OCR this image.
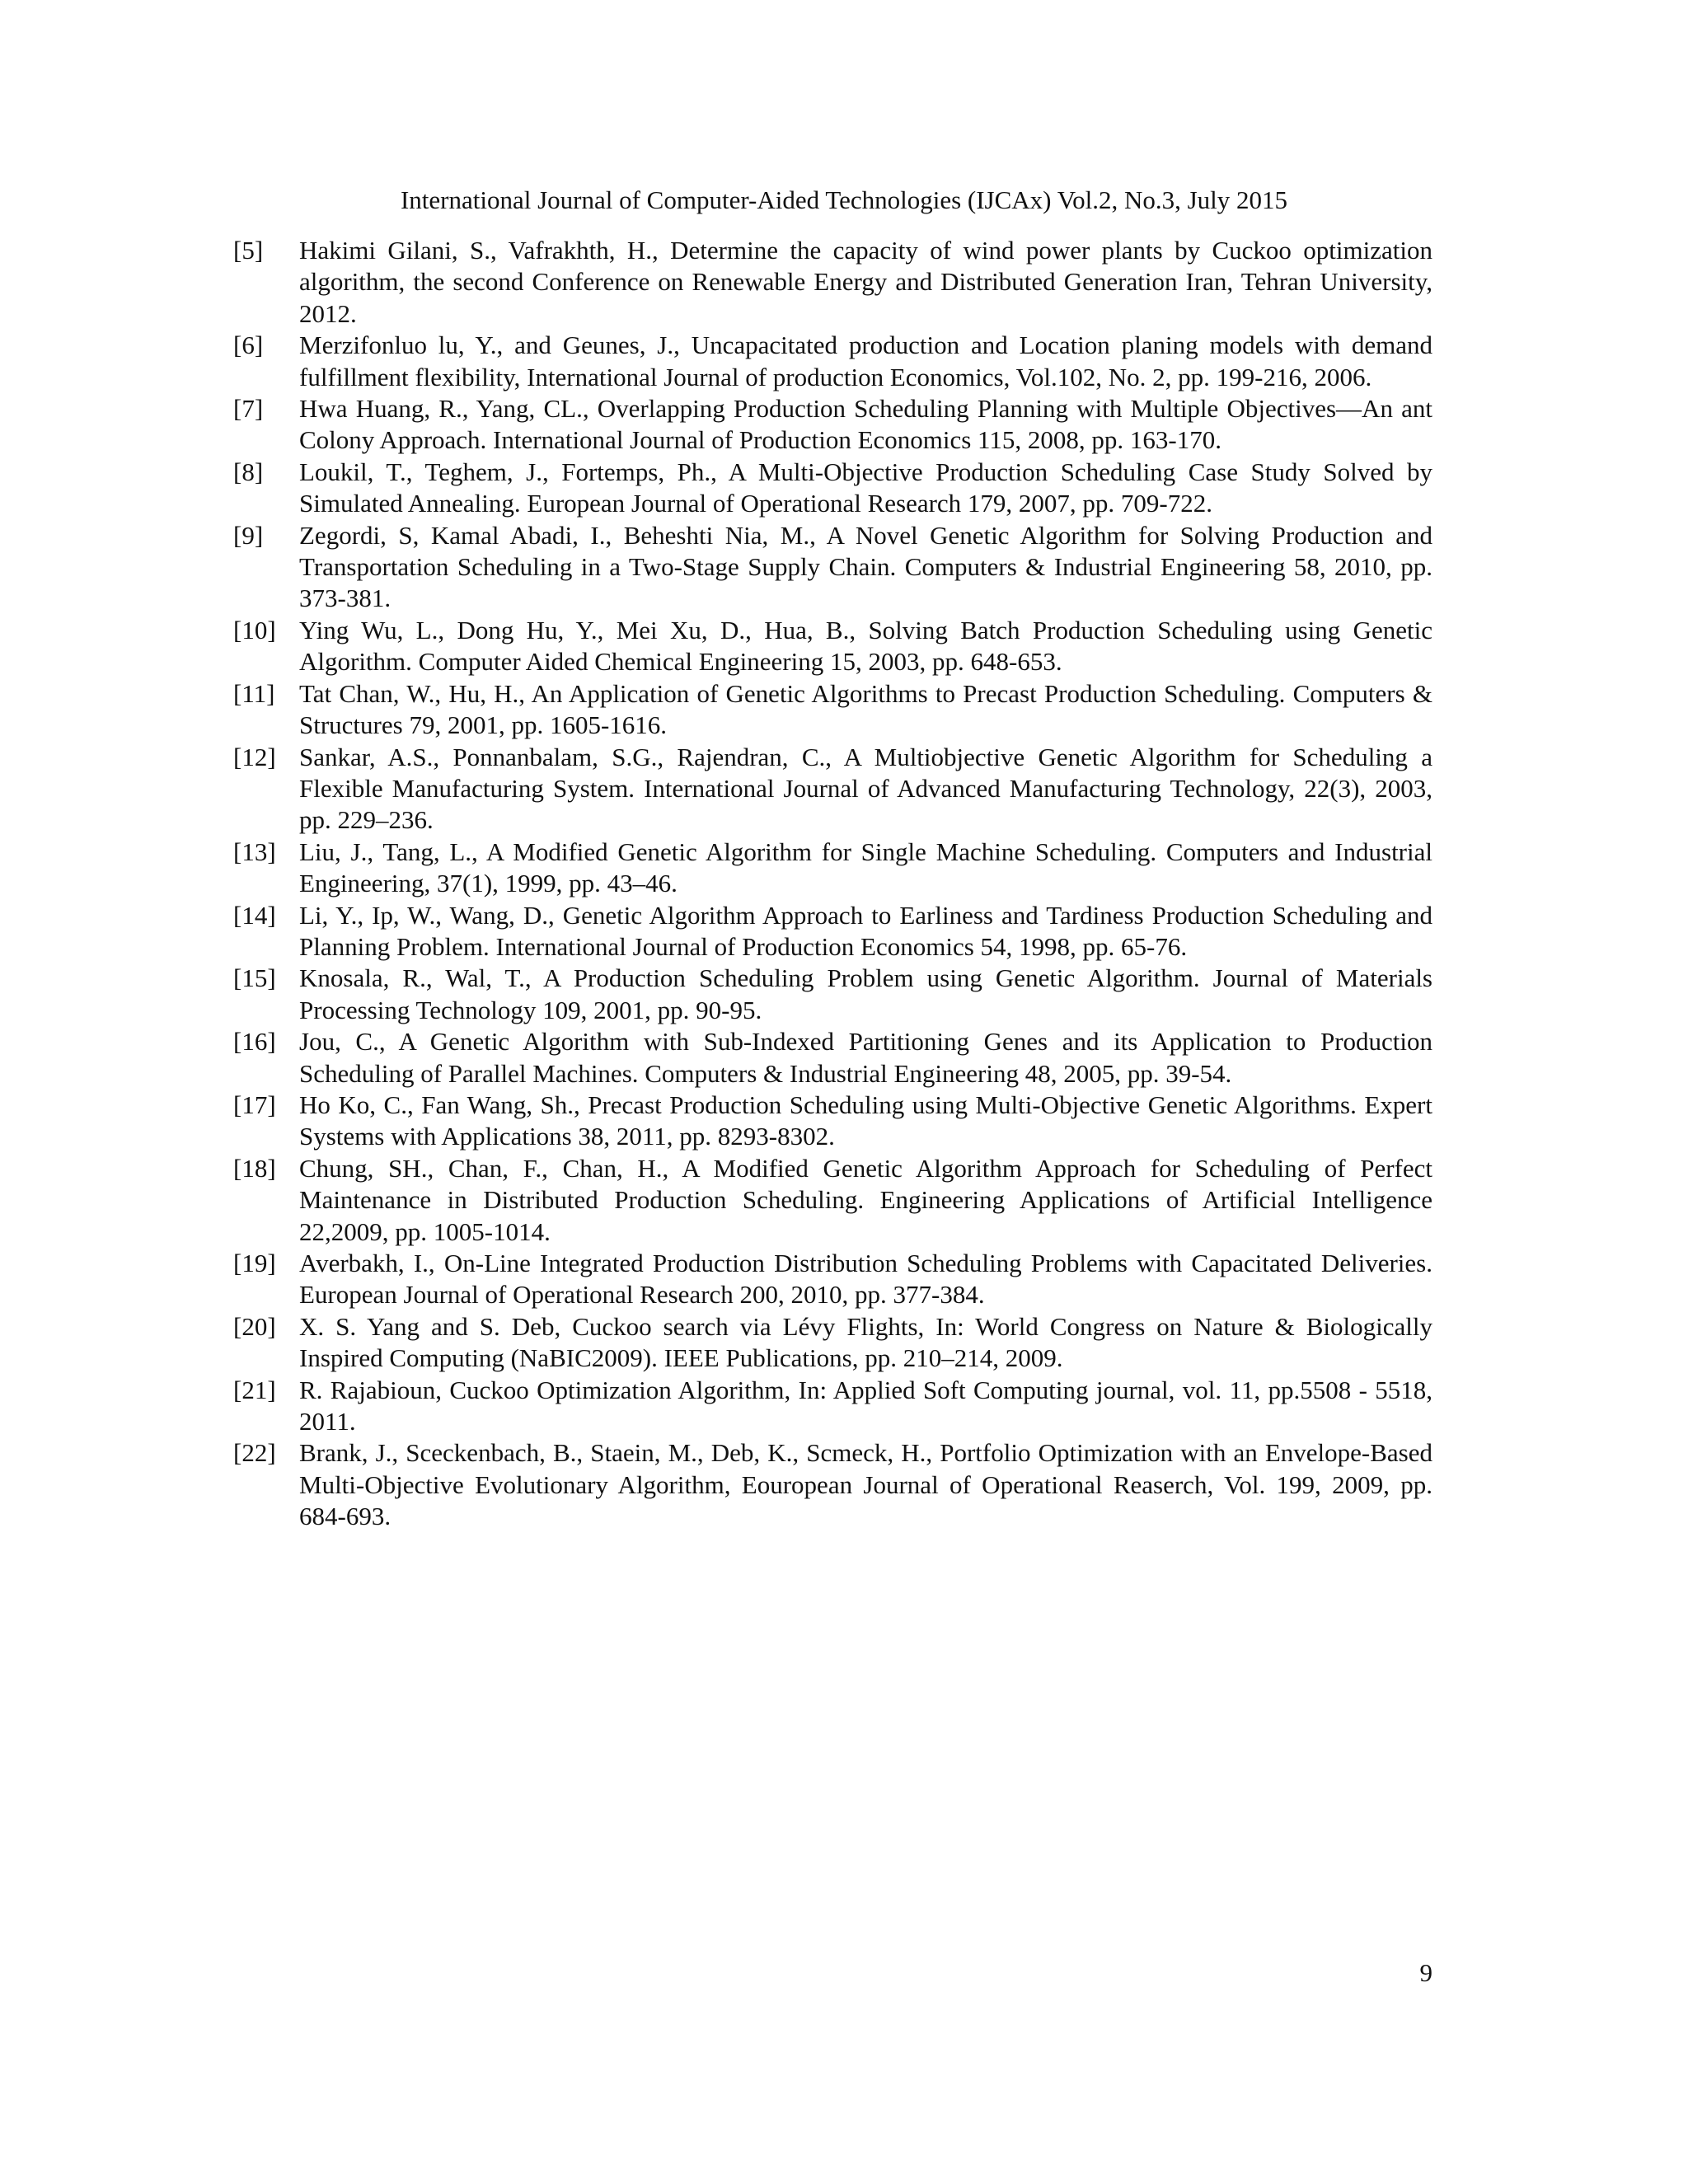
International Journal of Computer-Aided Technologies (IJCAx) Vol.2, No.3, July 2015
[5] Hakimi Gilani, S., Vafrakhth, H., Determine the capacity of wind power plants by Cuckoo optimization algorithm, the second Conference on Renewable Energy and Distributed Generation Iran, Tehran University, 2012.
[6] Merzifonluo lu, Y., and Geunes, J., Uncapacitated production and Location planing models with demand fulfillment flexibility, International Journal of production Economics, Vol.102, No. 2, pp. 199-216, 2006.
[7] Hwa Huang, R., Yang, CL., Overlapping Production Scheduling Planning with Multiple Objectives—An ant Colony Approach. International Journal of Production Economics 115, 2008, pp. 163-170.
[8] Loukil, T., Teghem, J., Fortemps, Ph., A Multi-Objective Production Scheduling Case Study Solved by Simulated Annealing. European Journal of Operational Research 179, 2007, pp. 709-722.
[9] Zegordi, S, Kamal Abadi, I., Beheshti Nia, M., A Novel Genetic Algorithm for Solving Production and Transportation Scheduling in a Two-Stage Supply Chain. Computers & Industrial Engineering 58, 2010, pp. 373-381.
[10] Ying Wu, L., Dong Hu, Y., Mei Xu, D., Hua, B., Solving Batch Production Scheduling using Genetic Algorithm. Computer Aided Chemical Engineering 15, 2003, pp. 648-653.
[11] Tat Chan, W., Hu, H., An Application of Genetic Algorithms to Precast Production Scheduling. Computers & Structures 79, 2001, pp. 1605-1616.
[12] Sankar, A.S., Ponnanbalam, S.G., Rajendran, C., A Multiobjective Genetic Algorithm for Scheduling a Flexible Manufacturing System. International Journal of Advanced Manufacturing Technology, 22(3), 2003, pp. 229–236.
[13] Liu, J., Tang, L., A Modified Genetic Algorithm for Single Machine Scheduling. Computers and Industrial Engineering, 37(1), 1999, pp. 43–46.
[14] Li, Y., Ip, W., Wang, D., Genetic Algorithm Approach to Earliness and Tardiness Production Scheduling and Planning Problem. International Journal of Production Economics 54, 1998, pp. 65-76.
[15] Knosala, R., Wal, T., A Production Scheduling Problem using Genetic Algorithm. Journal of Materials Processing Technology 109, 2001, pp. 90-95.
[16] Jou, C., A Genetic Algorithm with Sub-Indexed Partitioning Genes and its Application to Production Scheduling of Parallel Machines. Computers & Industrial Engineering 48, 2005, pp. 39-54.
[17] Ho Ko, C., Fan Wang, Sh., Precast Production Scheduling using Multi-Objective Genetic Algorithms. Expert Systems with Applications 38, 2011, pp. 8293-8302.
[18] Chung, SH., Chan, F., Chan, H., A Modified Genetic Algorithm Approach for Scheduling of Perfect Maintenance in Distributed Production Scheduling. Engineering Applications of Artificial Intelligence 22,2009, pp. 1005-1014.
[19] Averbakh, I., On-Line Integrated Production Distribution Scheduling Problems with Capacitated Deliveries. European Journal of Operational Research 200, 2010, pp. 377-384.
[20] X. S. Yang and S. Deb, Cuckoo search via Lévy Flights, In: World Congress on Nature & Biologically Inspired Computing (NaBIC2009). IEEE Publications, pp. 210–214, 2009.
[21] R. Rajabioun, Cuckoo Optimization Algorithm, In: Applied Soft Computing journal, vol. 11, pp.5508 - 5518, 2011.
[22] Brank, J., Sceckenbach, B., Staein, M., Deb, K., Scmeck, H., Portfolio Optimization with an Envelope-Based Multi-Objective Evolutionary Algorithm, Eouropean Journal of Operational Reaserch, Vol. 199, 2009, pp. 684-693.
9
